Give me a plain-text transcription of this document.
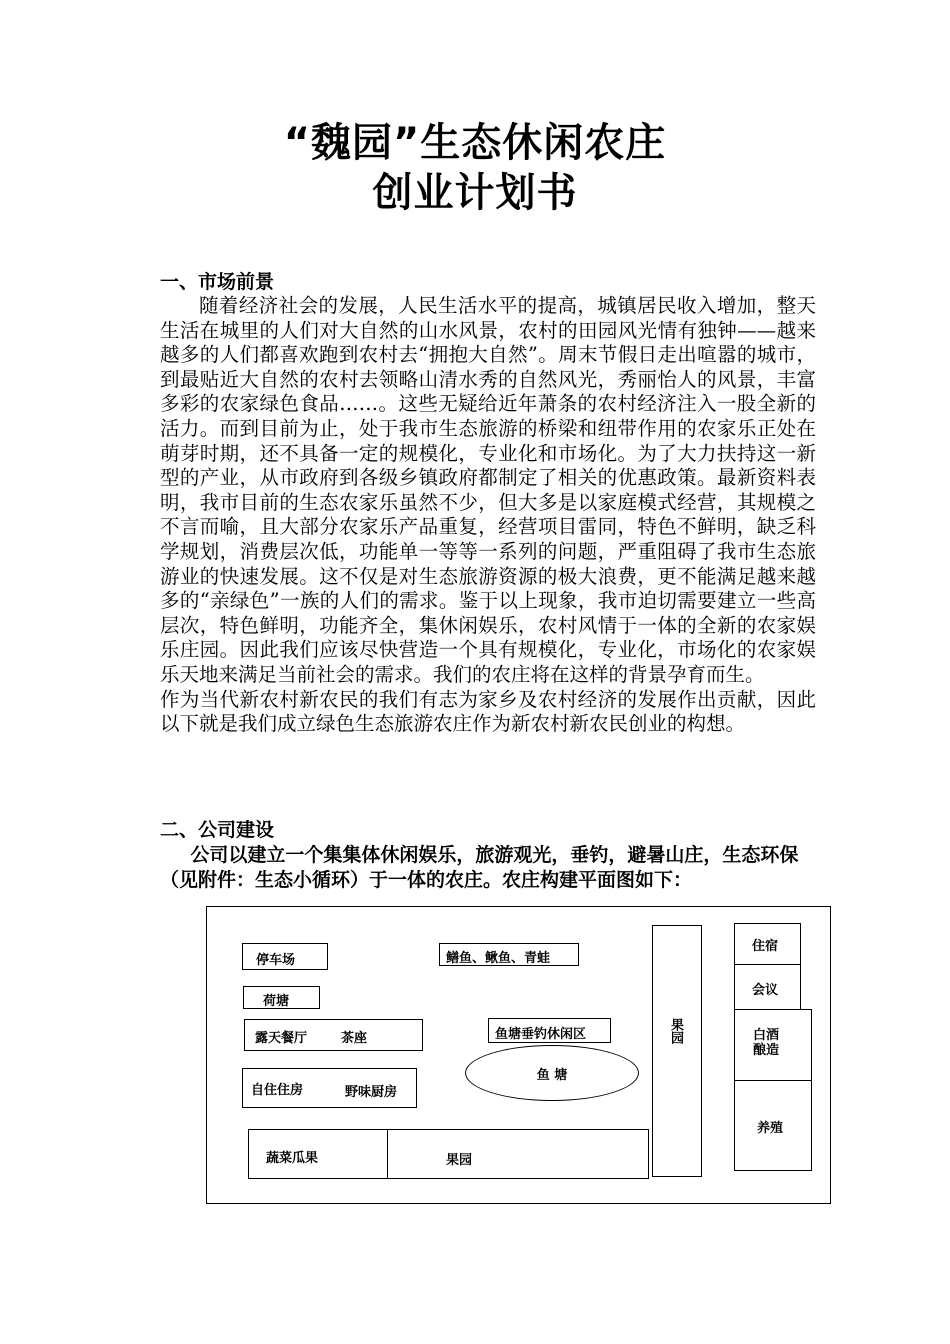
“魏园”生态休闲农庄
创业计划书
一、市场前景

随着经济社会的发展，人民生活水平的提高，城镇居民收入增加，整天生活在城里的人们对大自然的山水风景，农村的田园风光情有独钟——越来越多的人们都喜欢跑到农村去“拥抱大自然”。周末节假日走出喧嚣的城市，到最贴近大自然的农村去领略山清水秀的自然风光，秀丽怡人的风景，丰富多彩的农家绿色食品……。这些无疑给近年萧条的农村经济注入一股全新的活力。而到目前为止，处于我市生态旅游的桥梁和纽带作用的农家乐正处在萌芽时期，还不具备一定的规模化，专业化和市场化。为了大力扶持这一新型的产业，从市政府到各级乡镇政府都制定了相关的优惠政策。最新资料表明，我市目前的生态农家乐虽然不少，但大多是以家庭模式经营，其规模之不言而喻，且大部分农家乐产品重复，经营项目雷同，特色不鲜明，缺乏科学规划，消费层次低，功能单一等等一系列的问题，严重阻碍了我市生态旅游业的快速发展。这不仅是对生态旅游资源的极大浪费，更不能满足越来越多的“亲绿色”一族的人们的需求。鉴于以上现象，我市迫切需要建立一些高层次，特色鲜明，功能齐全，集休闲娱乐，农村风情于一体的全新的农家娱乐庄园。因此我们应该尽快营造一个具有规模化，专业化，市场化的农家娱乐天地来满足当前社会的需求。我们的农庄将在这样的背景孕育而生。

作为当代新农村新农民的我们有志为家乡及农村经济的发展作出贡献，因此以下就是我们成立绿色生态旅游农庄作为新农村新农民创业的构想。

二、公司建设
公司以建立一个集集体休闲娱乐，旅游观光，垂钓，避暑山庄，生态环保（见附件：生态小循环）于一体的农庄。农庄构建平面图如下：
停车场
荷塘
露天餐厅	茶座
自住住房	野味厨房
蔬菜瓜果	果园
鳝鱼、鳅鱼、青蛙
鱼塘垂钓休闲区
鱼 塘
果园
住宿
会议
白酒酿造
养殖
